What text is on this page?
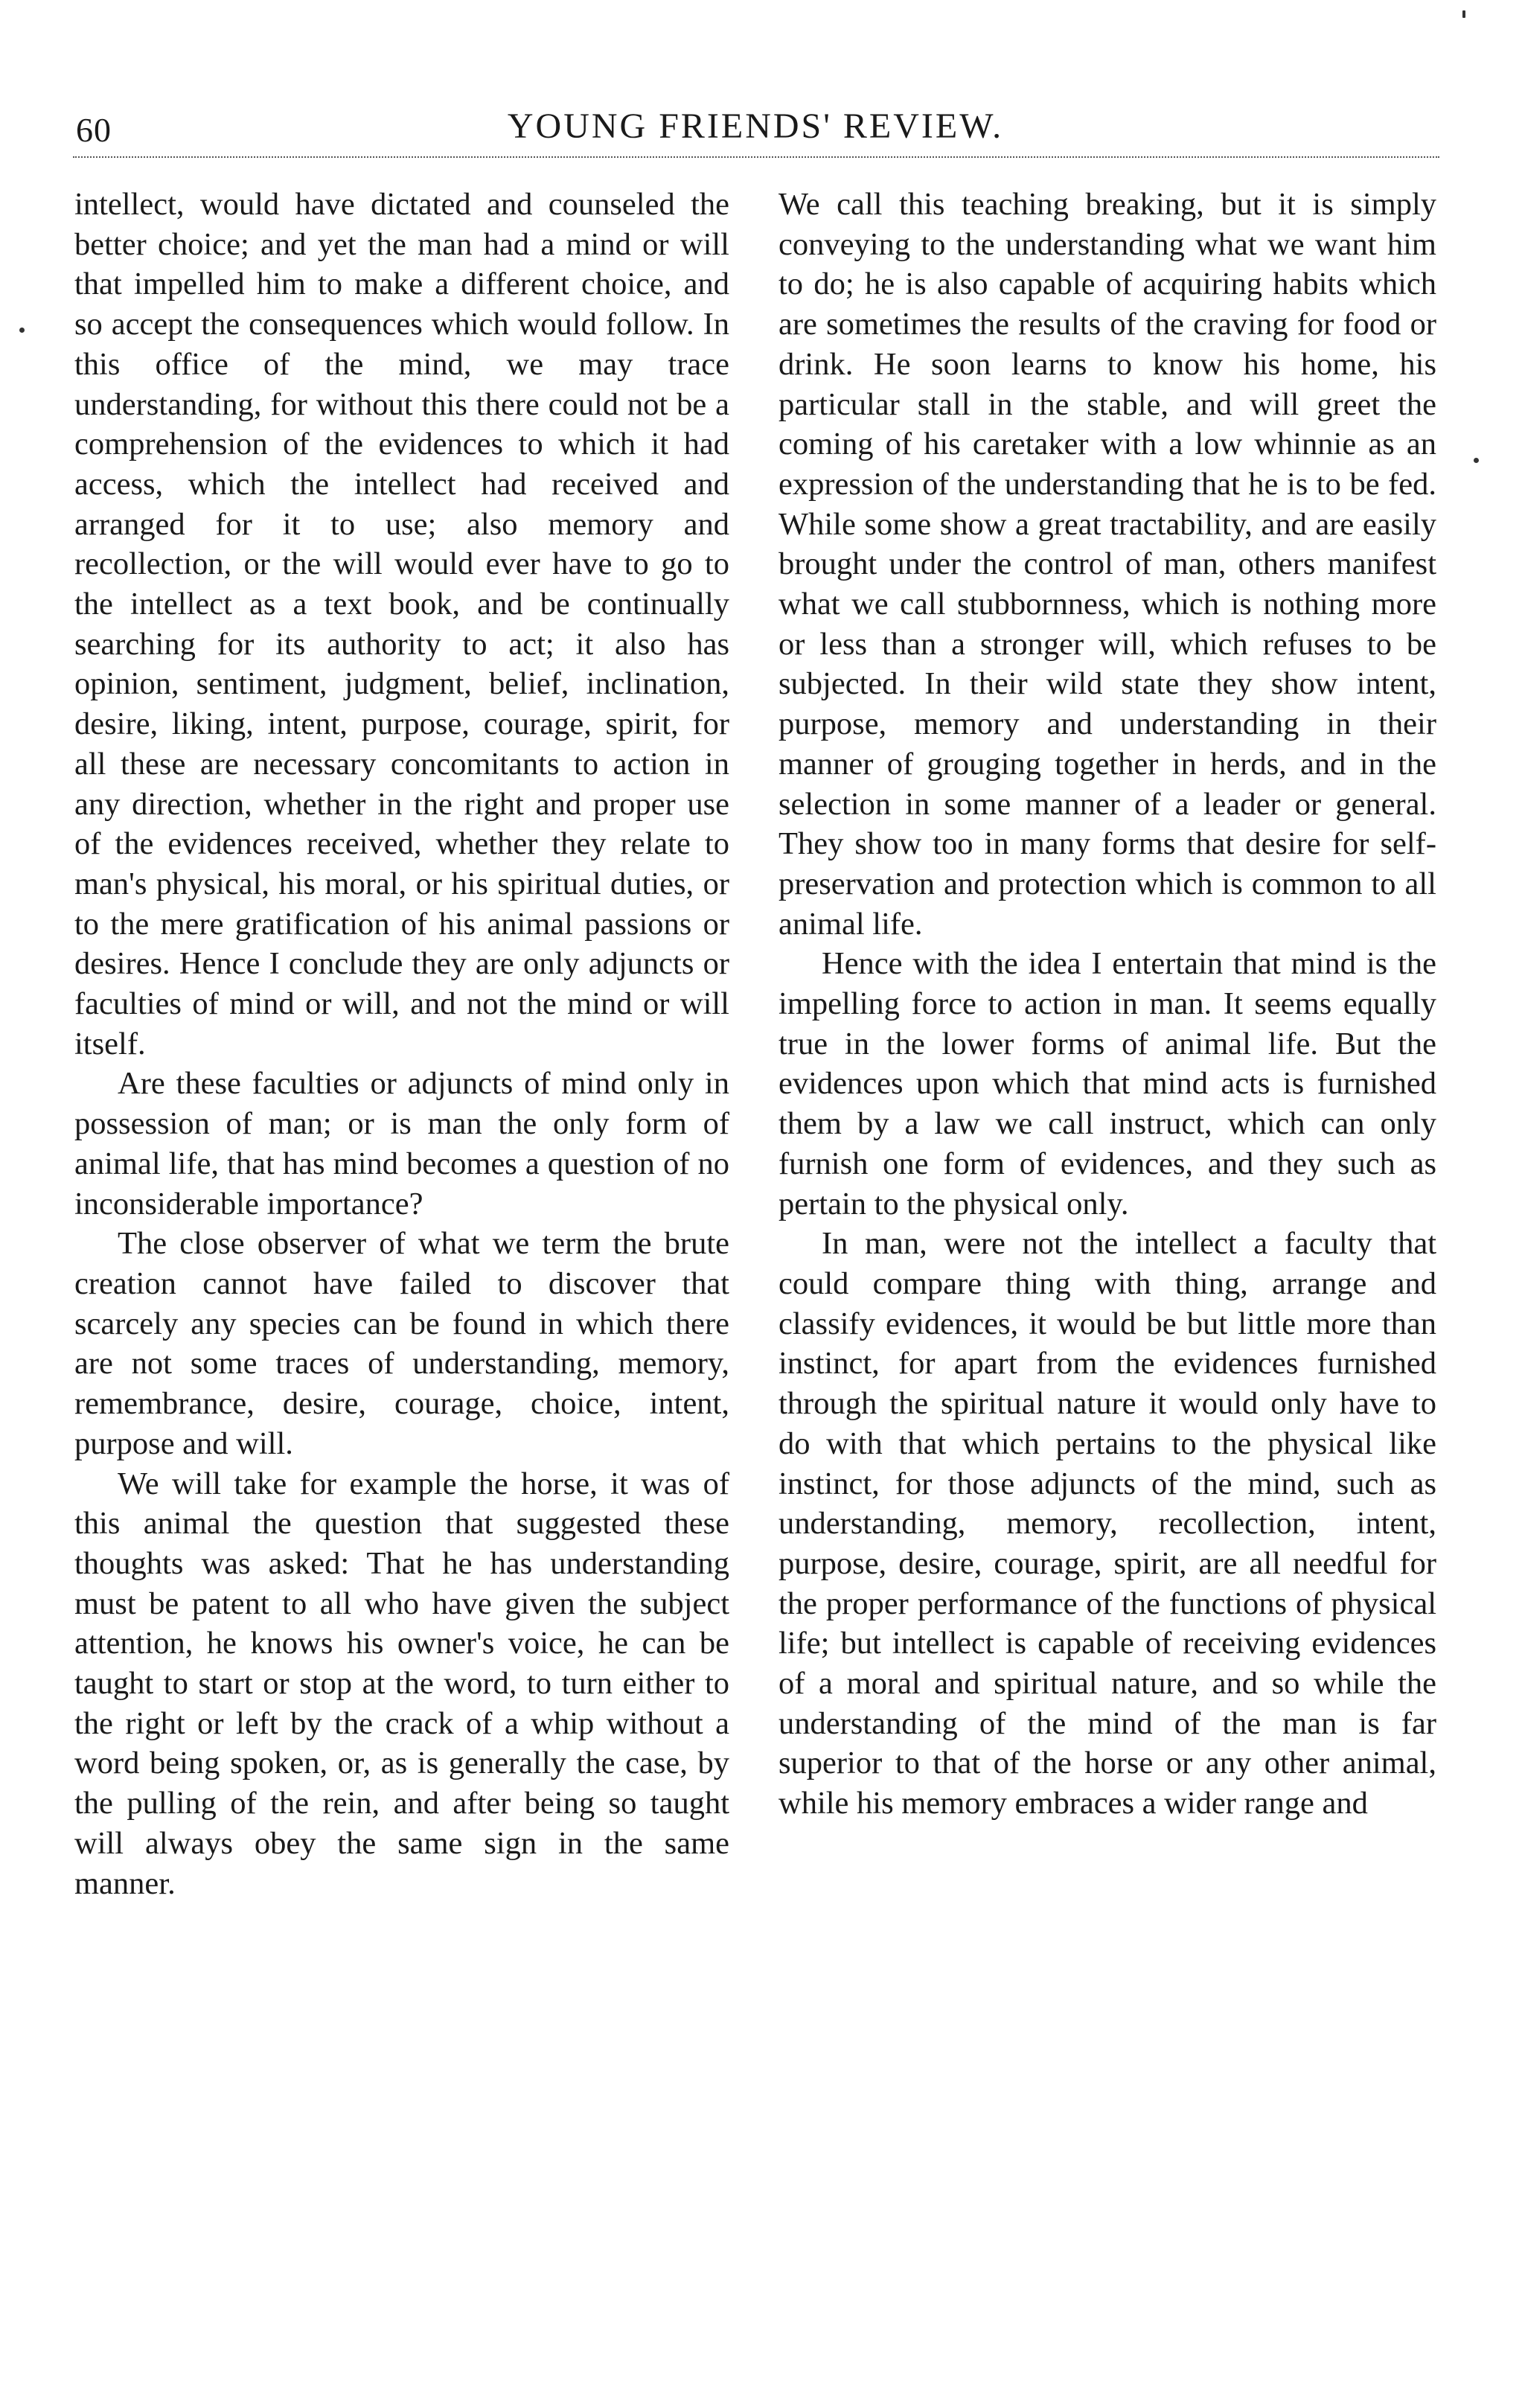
60	YOUNG FRIENDS' REVIEW.

intellect, would have dictated and counseled the better choice; and yet the man had a mind or will that impelled him to make a different choice, and so accept the consequences which would follow. In this office of the mind, we may trace understanding, for without this there could not be a comprehension of the evidences to which it had access, which the intellect had received and arranged for it to use; also memory and recollection, or the will would ever have to go to the intellect as a text book, and be continually searching for its authority to act; it also has opinion, sentiment, judgment, belief, inclination, desire, liking, intent, purpose, courage, spirit, for all these are necessary concomitants to action in any direction, whether in the right and proper use of the evidences received, whether they relate to man's physical, his moral, or his spiritual duties, or to the mere gratification of his animal passions or desires. Hence I conclude they are only adjuncts or faculties of mind or will, and not the mind or will itself.

Are these faculties or adjuncts of mind only in possession of man; or is man the only form of animal life, that has mind becomes a question of no inconsiderable importance?

The close observer of what we term the brute creation cannot have failed to discover that scarcely any species can be found in which there are not some traces of understanding, memory, remembrance, desire, courage, choice, intent, purpose and will.

We will take for example the horse, it was of this animal the question that suggested these thoughts was asked: That he has understanding must be patent to all who have given the subject attention, he knows his owner's voice, he can be taught to start or stop at the word, to turn either to the right or left by the crack of a whip without a word being spoken, or, as is generally the case, by the pulling of the rein, and after being so taught will always obey the same sign in the same manner.

We call this teaching breaking, but it is simply conveying to the understanding what we want him to do; he is also capable of acquiring habits which are sometimes the results of the craving for food or drink. He soon learns to know his home, his particular stall in the stable, and will greet the coming of his caretaker with a low whinnie as an expression of the understanding that he is to be fed. While some show a great tractability, and are easily brought under the control of man, others manifest what we call stubbornness, which is nothing more or less than a stronger will, which refuses to be subjected. In their wild state they show intent, purpose, memory and understanding in their manner of grouging together in herds, and in the selection in some manner of a leader or general. They show too in many forms that desire for self-preservation and protection which is common to all animal life.

Hence with the idea I entertain that mind is the impelling force to action in man. It seems equally true in the lower forms of animal life. But the evidences upon which that mind acts is furnished them by a law we call instruct, which can only furnish one form of evidences, and they such as pertain to the physical only.

In man, were not the intellect a faculty that could compare thing with thing, arrange and classify evidences, it would be but little more than instinct, for apart from the evidences furnished through the spiritual nature it would only have to do with that which pertains to the physical like instinct, for those adjuncts of the mind, such as understanding, memory, recollection, intent, purpose, desire, courage, spirit, are all needful for the proper performance of the functions of physical life; but intellect is capable of receiving evidences of a moral and spiritual nature, and so while the understanding of the mind of the man is far superior to that of the horse or any other animal, while his memory embraces a wider range and
